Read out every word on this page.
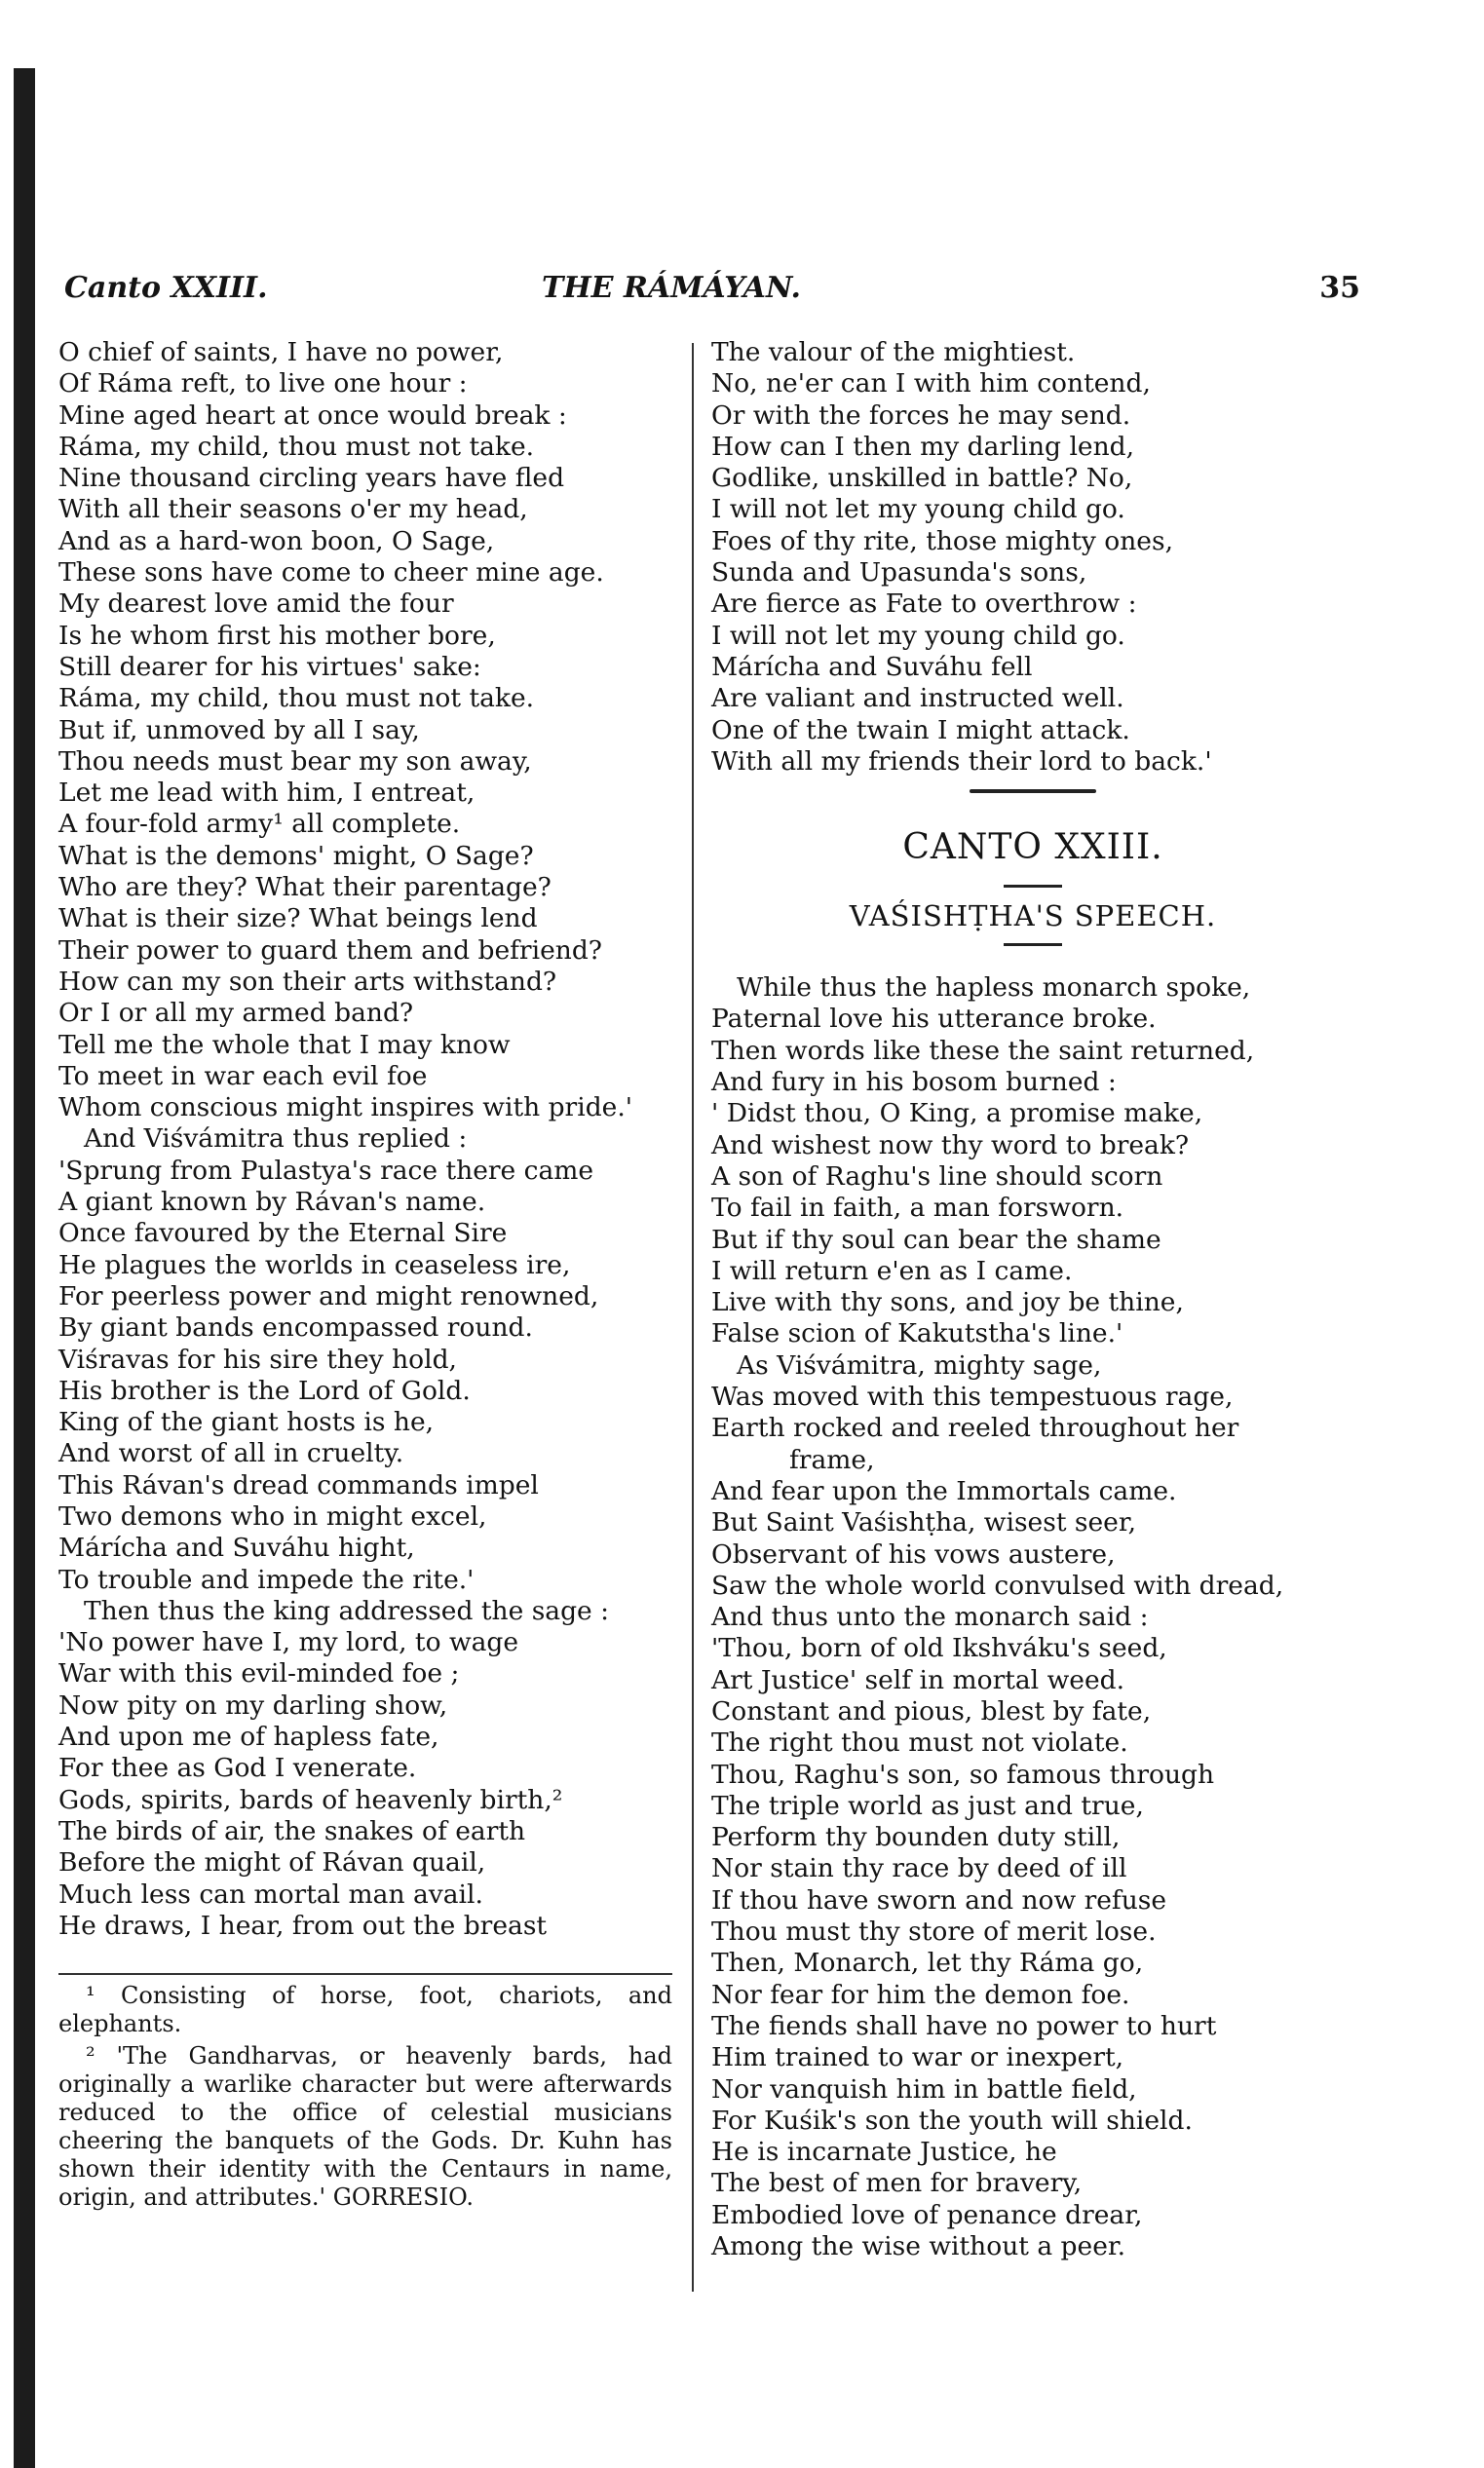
Canto XXIII.	THE RÁMÁYAN.	35
O chief of saints, I have no power,
Of Ráma reft, to live one hour :
Mine aged heart at once would break :
Ráma, my child, thou must not take.
Nine thousand circling years have fled
With all their seasons o'er my head,
And as a hard-won boon, O Sage,
These sons have come to cheer mine age.
My dearest love amid the four
Is he whom first his mother bore,
Still dearer for his virtues' sake:
Ráma, my child, thou must not take.
But if, unmoved by all I say,
Thou needs must bear my son away,
Let me lead with him, I entreat,
A four-fold army¹ all complete.
What is the demons' might, O Sage?
Who are they? What their parentage?
What is their size? What beings lend
Their power to guard them and befriend?
How can my son their arts withstand?
Or I or all my armed band?
Tell me the whole that I may know
To meet in war each evil foe
Whom conscious might inspires with pride.'
And Viśvámitra thus replied :
'Sprung from Pulastya's race there came
A giant known by Rávan's name.
Once favoured by the Eternal Sire
He plagues the worlds in ceaseless ire,
For peerless power and might renowned,
By giant bands encompassed round.
Viśravas for his sire they hold,
His brother is the Lord of Gold.
King of the giant hosts is he,
And worst of all in cruelty.
This Rávan's dread commands impel
Two demons who in might excel,
Márícha and Suváhu hight,
To trouble and impede the rite.'
Then thus the king addressed the sage :
'No power have I, my lord, to wage
War with this evil-minded foe ;
Now pity on my darling show,
And upon me of hapless fate,
For thee as God I venerate.
Gods, spirits, bards of heavenly birth,²
The birds of air, the snakes of earth
Before the might of Rávan quail,
Much less can mortal man avail.
He draws, I hear, from out the breast

¹ Consisting of horse, foot, chariots, and elephants.

² 'The Gandharvas, or heavenly bards, had originally a warlike character but were afterwards reduced to the office of celestial musicians cheering the banquets of the Gods. Dr. Kuhn has shown their identity with the Centaurs in name, origin, and attributes.' GORRESIO.

The valour of the mightiest.
No, ne'er can I with him contend,
Or with the forces he may send.
How can I then my darling lend,
Godlike, unskilled in battle? No,
I will not let my young child go.
Foes of thy rite, those mighty ones,
Sunda and Upasunda's sons,
Are fierce as Fate to overthrow :
I will not let my young child go.
Márícha and Suváhu fell
Are valiant and instructed well.
One of the twain I might attack.
With all my friends their lord to back.'
CANTO XXIII.
VAŚISHṬHA'S SPEECH.
While thus the hapless monarch spoke,
Paternal love his utterance broke.
Then words like these the saint returned,
And fury in his bosom burned :
' Didst thou, O King, a promise make,
And wishest now thy word to break?
A son of Raghu's line should scorn
To fail in faith, a man forsworn.
But if thy soul can bear the shame
I will return e'en as I came.
Live with thy sons, and joy be thine,
False scion of Kakutstha's line.'
As Viśvámitra, mighty sage,
Was moved with this tempestuous rage,
Earth rocked and reeled throughout her
frame,
And fear upon the Immortals came.
But Saint Vaśishṭha, wisest seer,
Observant of his vows austere,
Saw the whole world convulsed with dread,
And thus unto the monarch said :
'Thou, born of old Ikshváku's seed,
Art Justice' self in mortal weed.
Constant and pious, blest by fate,
The right thou must not violate.
Thou, Raghu's son, so famous through
The triple world as just and true,
Perform thy bounden duty still,
Nor stain thy race by deed of ill
If thou have sworn and now refuse
Thou must thy store of merit lose.
Then, Monarch, let thy Ráma go,
Nor fear for him the demon foe.
The fiends shall have no power to hurt
Him trained to war or inexpert,
Nor vanquish him in battle field,
For Kuśik's son the youth will shield.
He is incarnate Justice, he
The best of men for bravery,
Embodied love of penance drear,
Among the wise without a peer.
